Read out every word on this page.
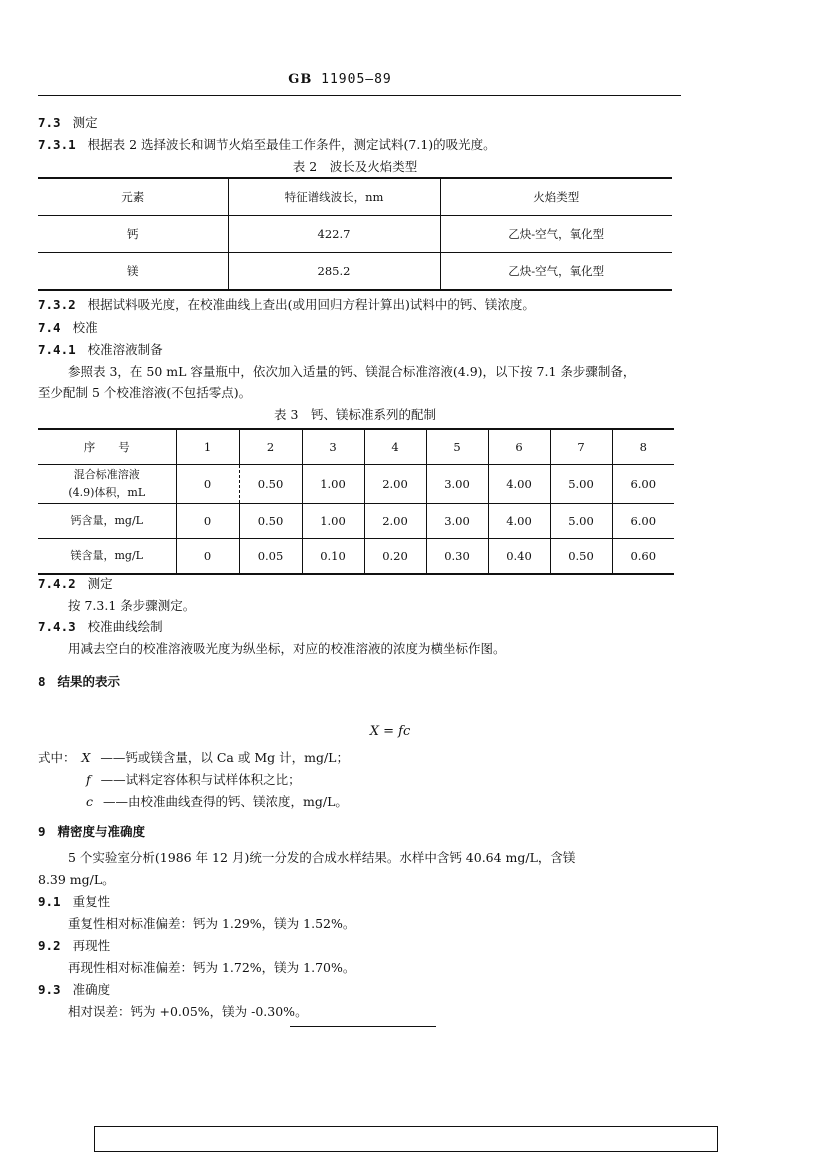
GB 11905—89
7.3 测定
7.3.1 根据表 2 选择波长和调节火焰至最佳工作条件，测定试料(7.1)的吸光度。
表 2　波长及火焰类型
元素	特征谱线波长，nm	火焰类型
钙	422.7	乙炔-空气，氧化型
镁	285.2	乙炔-空气，氧化型
7.3.2 根据试料吸光度，在校准曲线上查出(或用回归方程计算出)试料中的钙、镁浓度。
7.4 校准
7.4.1 校准溶液制备
参照表 3，在 50 mL 容量瓶中，依次加入适量的钙、镁混合标准溶液(4.9)，以下按 7.1 条步骤制备，
至少配制 5 个校准溶液(不包括零点)。
表 3　钙、镁标准系列的配制
序　　号	1	2	3	4	5	6	7	8

混合标准溶液
(4.9)体积，mL	0	0.50	1.00	2.00	3.00	4.00	5.00	6.00
钙含量，mg/L	0	0.50	1.00	2.00	3.00	4.00	5.00	6.00
镁含量，mg/L	0	0.05	0.10	0.20	0.30	0.40	0.50	0.60
7.4.2 测定
按 7.3.1 条步骤测定。
7.4.3 校准曲线绘制
用减去空白的校准溶液吸光度为纵坐标，对应的校准溶液的浓度为横坐标作图。
8 结果的表示
X = fc
式中： X ——钙或镁含量，以 Ca 或 Mg 计，mg/L；
f ——试料定容体积与试样体积之比；
c ——由校准曲线查得的钙、镁浓度，mg/L。
9 精密度与准确度
5 个实验室分析(1986 年 12 月)统一分发的合成水样结果。水样中含钙 40.64 mg/L，含镁
8.39 mg/L。
9.1 重复性
重复性相对标准偏差：钙为 1.29%，镁为 1.52%。
9.2 再现性
再现性相对标准偏差：钙为 1.72%，镁为 1.70%。
9.3 准确度
相对误差：钙为 +0.05%，镁为 -0.30%。
